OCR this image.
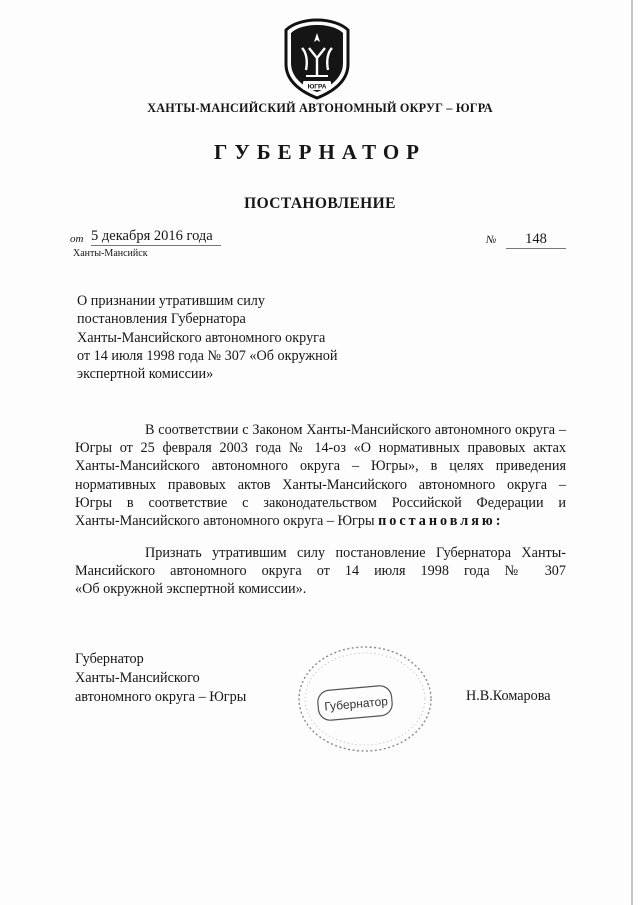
ЮГРА
ХАНТЫ-МАНСИЙСКИЙ АВТОНОМНЫЙ ОКРУГ – ЮГРА
ГУБЕРНАТОР
ПОСТАНОВЛЕНИЕ
от 5 декабря 2016 года
Ханты-Мансийск
№	148
О признании утратившим силу
постановления Губернатора
Ханты-Мансийского автономного округа
от 14 июля 1998 года № 307 «Об окружной
экспертной комиссии»
В соответствии с Законом Ханты-Мансийского автономного округа –
Югры от 25 февраля 2003 года № 14-оз «О нормативных правовых актах
Ханты-Мансийского автономного округа – Югры», в целях приведения
нормативных правовых актов Ханты-Мансийского автономного округа –
Югры в соответствие с законодательством Российской Федерации и
Ханты-Мансийского автономного округа – Югры постановляю:
Признать утратившим силу постановление Губернатора Ханты-
Мансийского автономного округа от 14 июля 1998 года № 307
«Об окружной экспертной комиссии».
Губернатор
Ханты-Мансийского
автономного округа – Югры	Губернатор	Н.В.Комарова
